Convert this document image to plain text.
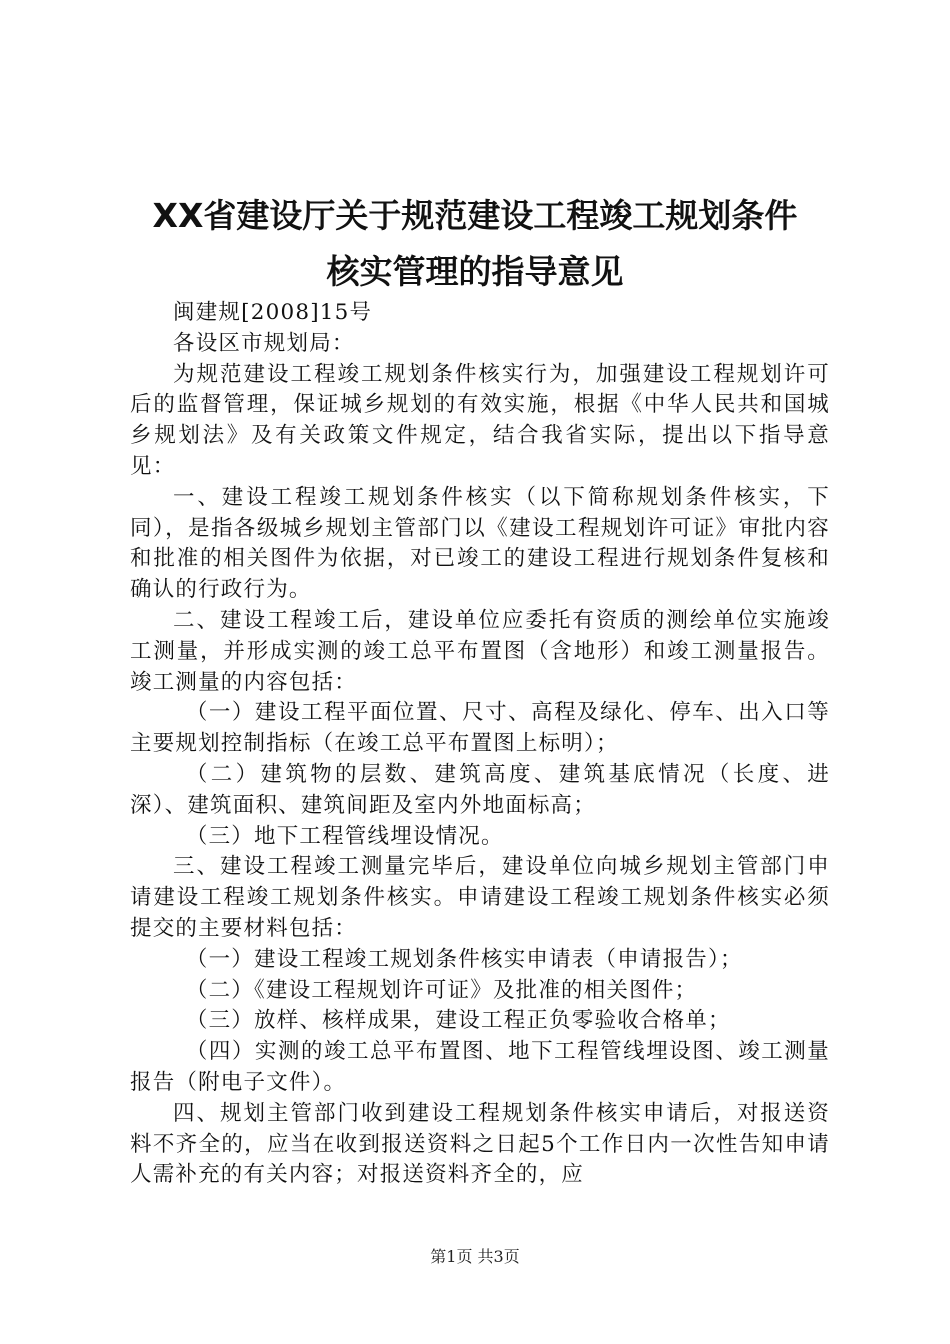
XX省建设厅关于规范建设工程竣工规划条件
核实管理的指导意见

闽建规[2008]15号

各设区市规划局：

为规范建设工程竣工规划条件核实行为，加强建设工程规划许可后的监督管理，保证城乡规划的有效实施，根据《中华人民共和国城乡规划法》及有关政策文件规定，结合我省实际，提出以下指导意见：

一、建设工程竣工规划条件核实（以下简称规划条件核实，下同），是指各级城乡规划主管部门以《建设工程规划许可证》审批内容和批准的相关图件为依据，对已竣工的建设工程进行规划条件复核和确认的行政行为。

二、建设工程竣工后，建设单位应委托有资质的测绘单位实施竣工测量，并形成实测的竣工总平布置图（含地形）和竣工测量报告。竣工测量的内容包括：

（一）建设工程平面位置、尺寸、高程及绿化、停车、出入口等主要规划控制指标（在竣工总平布置图上标明）；

（二）建筑物的层数、建筑高度、建筑基底情况（长度、进深）、建筑面积、建筑间距及室内外地面标高；

（三）地下工程管线埋设情况。

三、建设工程竣工测量完毕后，建设单位向城乡规划主管部门申请建设工程竣工规划条件核实。申请建设工程竣工规划条件核实必须提交的主要材料包括：

（一）建设工程竣工规划条件核实申请表（申请报告）；

（二）《建设工程规划许可证》及批准的相关图件；

（三）放样、核样成果，建设工程正负零验收合格单；

（四）实测的竣工总平布置图、地下工程管线埋设图、竣工测量报告（附电子文件）。

四、规划主管部门收到建设工程规划条件核实申请后，对报送资料不齐全的，应当在收到报送资料之日起5个工作日内一次性告知申请人需补充的有关内容；对报送资料齐全的，应

第1页 共3页
